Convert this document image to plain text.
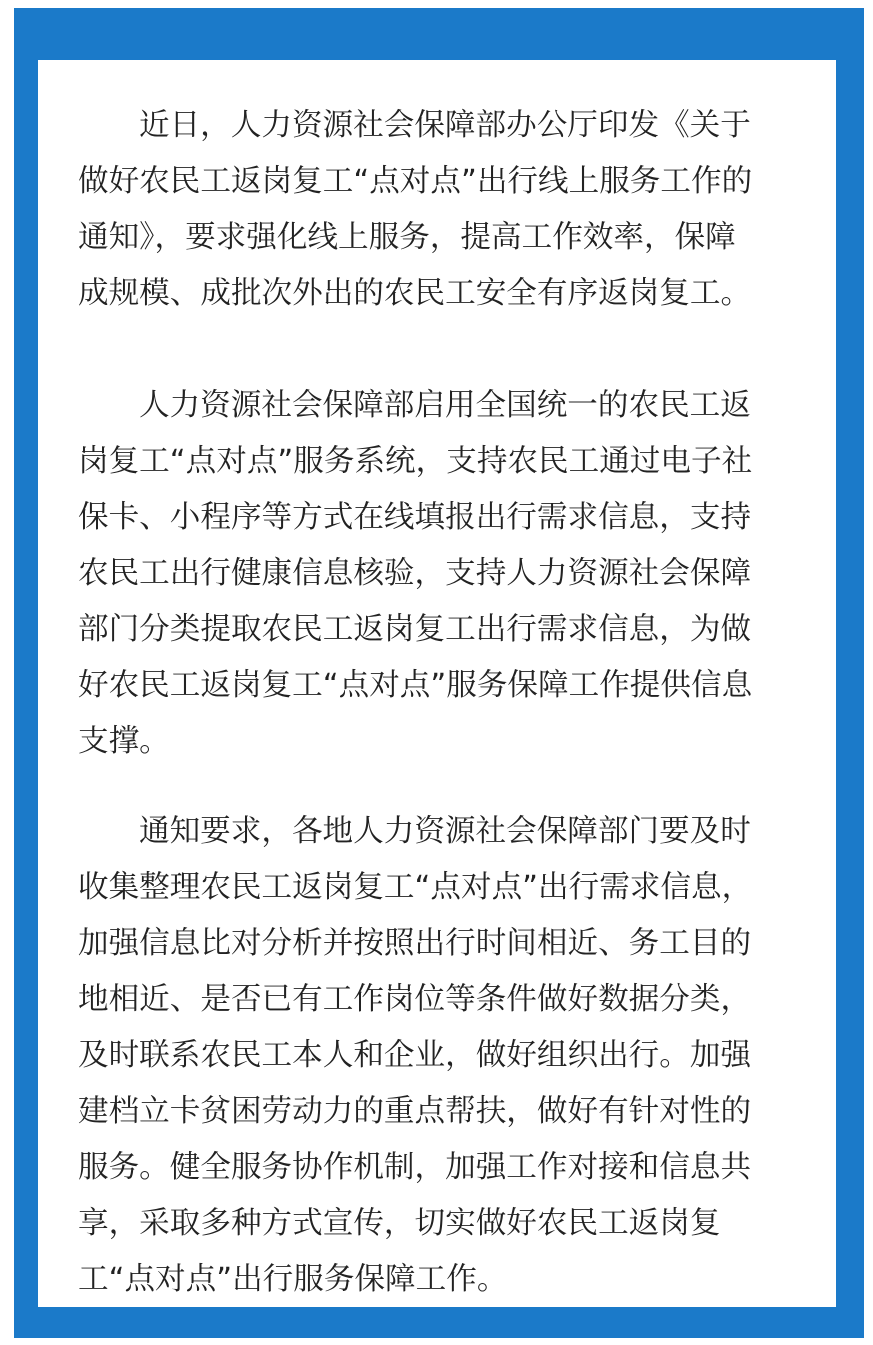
近日，人力资源社会保障部办公厅印发《关于
做好农民工返岗复工“点对点”出行线上服务工作的
通知》，要求强化线上服务，提高工作效率，保障
成规模、成批次外出的农民工安全有序返岗复工。

人力资源社会保障部启用全国统一的农民工返
岗复工“点对点”服务系统，支持农民工通过电子社
保卡、小程序等方式在线填报出行需求信息，支持
农民工出行健康信息核验，支持人力资源社会保障
部门分类提取农民工返岗复工出行需求信息，为做
好农民工返岗复工“点对点”服务保障工作提供信息
支撑。

通知要求，各地人力资源社会保障部门要及时
收集整理农民工返岗复工“点对点”出行需求信息，
加强信息比对分析并按照出行时间相近、务工目的
地相近、是否已有工作岗位等条件做好数据分类，
及时联系农民工本人和企业，做好组织出行。加强
建档立卡贫困劳动力的重点帮扶，做好有针对性的
服务。健全服务协作机制，加强工作对接和信息共
享，采取多种方式宣传，切实做好农民工返岗复
工“点对点”出行服务保障工作。
